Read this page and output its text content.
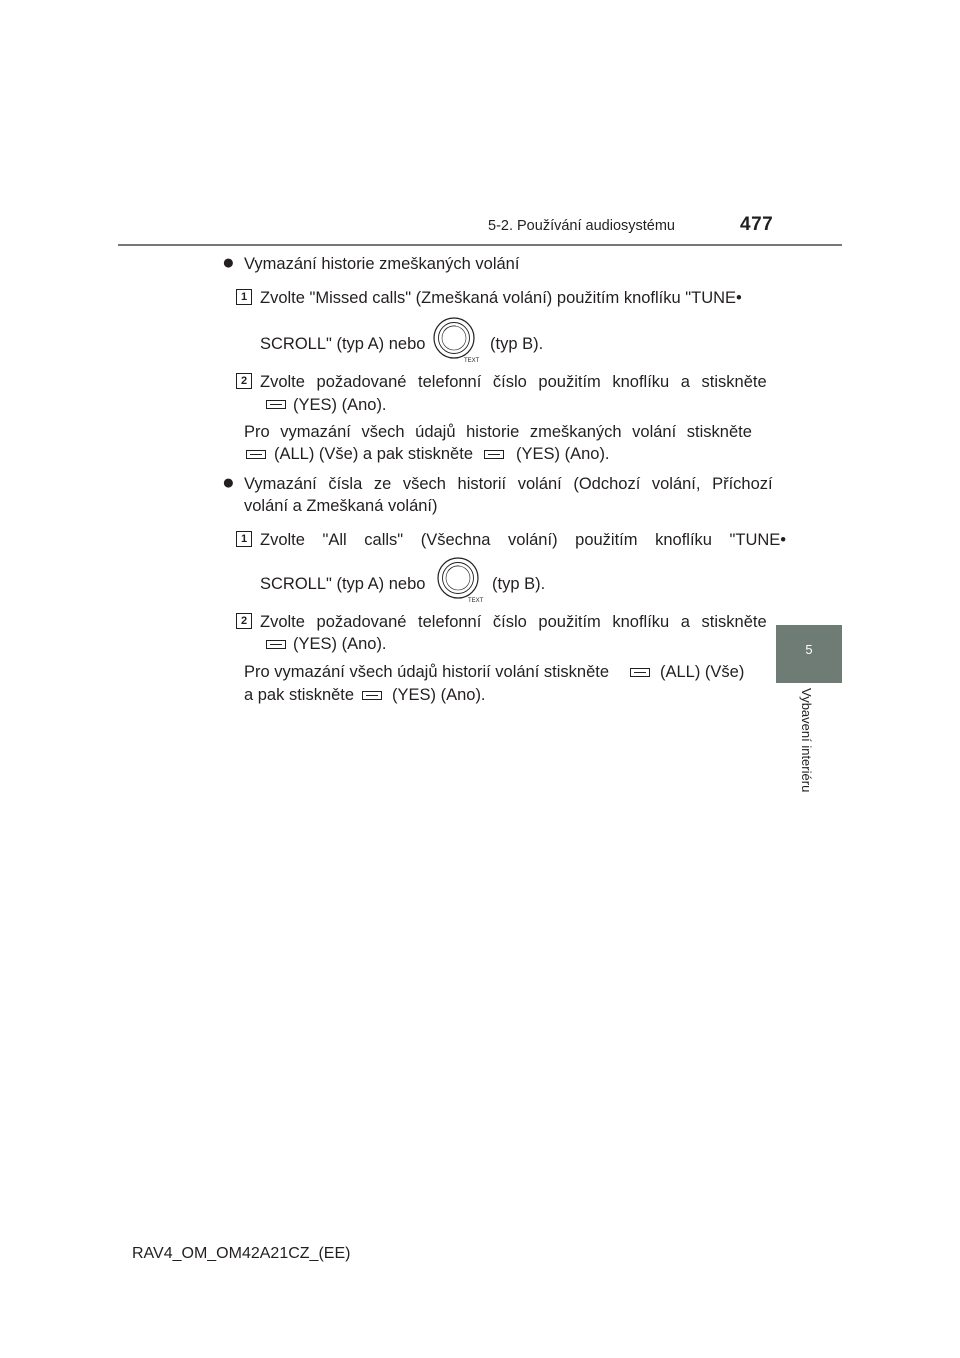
5-2. Používání audiosystému	477
5
Vybavení interiéru
● Vymazání historie zmeškaných volání
1 Zvolte "Missed calls" (Zmeškaná volání) použitím knoflíku "TUNE•
SCROLL" (typ A) nebo
TEXT
(typ B).
2 Zvolte požadované telefonní číslo použitím knoflíku a stiskněte
(YES) (Ano).
Pro vymazání všech údajů historie zmeškaných volání stiskněte
(ALL) (Vše) a pak stiskněte	(YES) (Ano).
● Vymazání čísla ze všech historií volání (Odchozí volání, Příchozí
volání a Zmeškaná volání)
1 Zvolte "All calls" (Všechna volání) použitím knoflíku "TUNE•
SCROLL" (typ A) nebo
TEXT
(typ B).
2 Zvolte požadované telefonní číslo použitím knoflíku a stiskněte
(YES) (Ano).
Pro vymazání všech údajů historií volání stiskněte	(ALL) (Vše)
a pak stiskněte (YES) (Ano).
RAV4_OM_OM42A21CZ_(EE)
